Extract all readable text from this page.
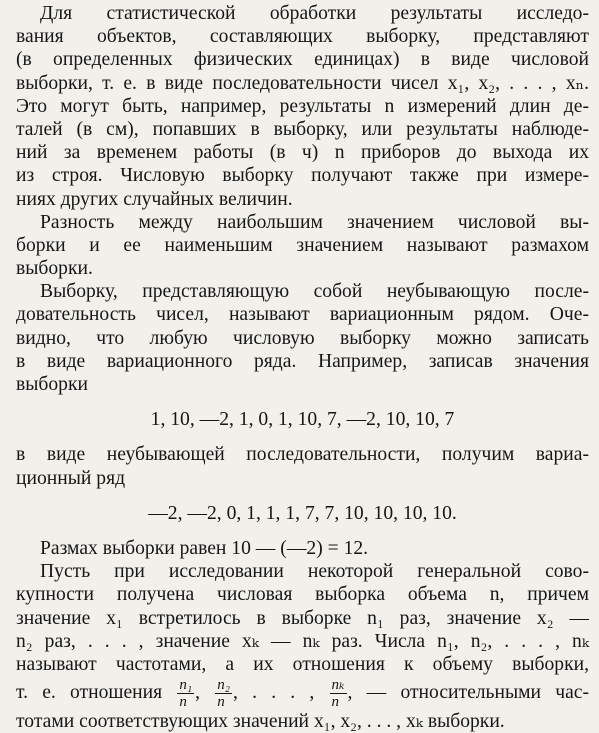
Для статистической обработки результаты исследо-
вания объектов, составляющих выборку, представляют
(в определенных физических единицах) в виде числовой
выборки, т. е. в виде последовательности чисел x₁, x₂, . . . , xₙ.
Это могут быть, например, результаты n измерений длин де-
талей (в см), попавших в выборку, или результаты наблюде-
ний за временем работы (в ч) n приборов до выхода их
из строя. Числовую выборку получают также при измере-
ниях других случайных величин.
Разность между наибольшим значением числовой вы-
борки и ее наименьшим значением называют размахом
выборки.
Выборку, представляющую собой неубывающую после-
довательность чисел, называют вариационным рядом. Оче-
видно, что любую числовую выборку можно записать
в виде вариационного ряда. Например, записав значения
выборки
1, 10, —2, 1, 0, 1, 10, 7, —2, 10, 10, 7
в виде неубывающей последовательности, получим вариа-
ционный ряд
—2, —2, 0, 1, 1, 1, 7, 7, 10, 10, 10, 10.
Размах выборки равен 10 — (—2) = 12.
Пусть при исследовании некоторой генеральной сово-
купности получена числовая выборка объема n, причем
значение x₁ встретилось в выборке n₁ раз, значение x₂ —
n₂ раз, . . . , значение xₖ — nₖ раз. Числа n₁, n₂, . . . , nₖ
называют частотами, а их отношения к объему выборки,
т. е. отношения $\frac{\text{n₁}}{n}$ , $\frac{\text{n₂}}{n}$ , . . . , $\frac{\text{nₖ}}{n}$ , — относительными час-
тотами соответствующих значений x₁, x₂, . . . , xₖ выборки.
